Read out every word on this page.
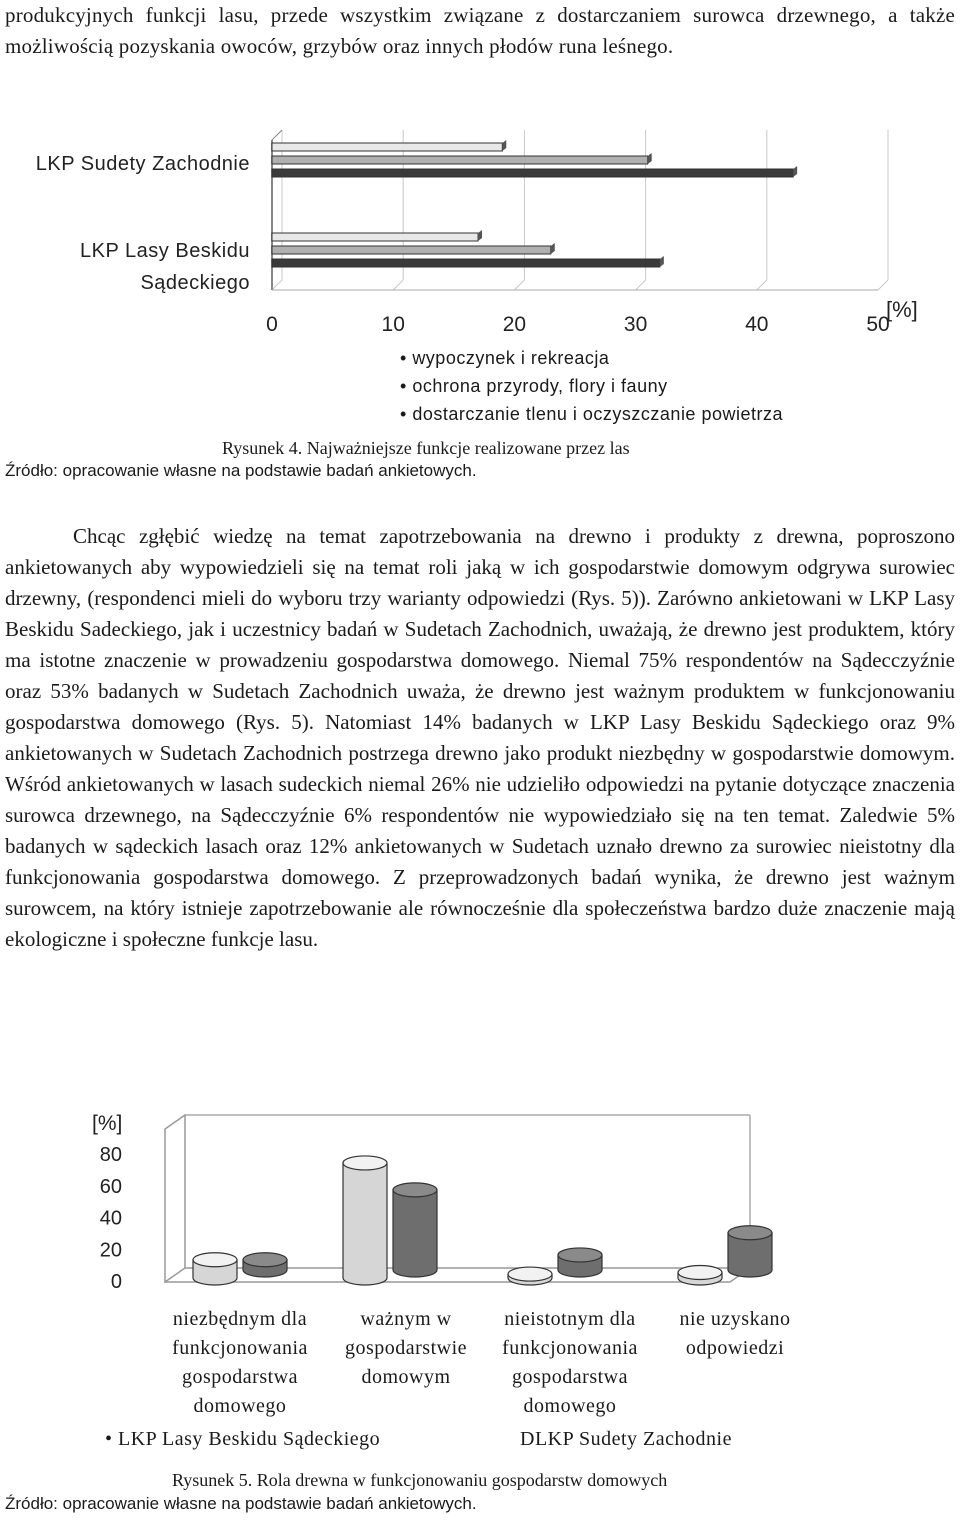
produkcyjnych funkcji lasu, przede wszystkim związane z dostarczaniem surowca drzewnego, a także możliwością pozyskania owoców, grzybów oraz innych płodów runa leśnego.

0	10	20	30	40	50
[%]
LKP Sudety Zachodnie
LKP Lasy Beskidu
Sądeckiego
• wypoczynek i rekreacja
• ochrona przyrody, flory i fauny
• dostarczanie tlenu i oczyszczanie powietrza
Rysunek 4. Najważniejsze funkcje realizowane przez las
Źródło: opracowanie własne na podstawie badań ankietowych.

Chcąc zgłębić wiedzę na temat zapotrzebowania na drewno i produkty z drewna, poproszono ankietowanych aby wypowiedzieli się na temat roli jaką w ich gospodarstwie domowym odgrywa surowiec drzewny, (respondenci mieli do wyboru trzy warianty odpowiedzi (Rys. 5)). Zarówno ankietowani w LKP Lasy Beskidu Sadeckiego, jak i uczestnicy badań w Sudetach Zachodnich, uważają, że drewno jest produktem, który ma istotne znaczenie w prowadzeniu gospodarstwa domowego. Niemal 75% respondentów na Sądecczyźnie oraz 53% badanych w Sudetach Zachodnich uważa, że drewno jest ważnym produktem w funkcjonowaniu gospodarstwa domowego (Rys. 5). Natomiast 14% badanych w LKP Lasy Beskidu Sądeckiego oraz 9% ankietowanych w Sudetach Zachodnich postrzega drewno jako produkt niezbędny w gospodarstwie domowym. Wśród ankietowanych w lasach sudeckich niemal 26% nie udzieliło odpowiedzi na pytanie dotyczące znaczenia surowca drzewnego, na Sądecczyźnie 6% respondentów nie wypowiedziało się na ten temat. Zaledwie 5% badanych w sądeckich lasach oraz 12% ankietowanych w Sudetach uznało drewno za surowiec nieistotny dla funkcjonowania gospodarstwa domowego. Z przeprowadzonych badań wynika, że drewno jest ważnym surowcem, na który istnieje zapotrzebowanie ale równocześnie dla społeczeństwa bardzo duże znaczenie mają ekologiczne i społeczne funkcje lasu.

[%]
0
20
40
60
80
niezbędnym dla funkcjonowania gospodarstwa domowego
ważnym w gospodarstwie domowym
nieistotnym dla funkcjonowania gospodarstwa domowego
nie uzyskano odpowiedzi
• LKP Lasy Beskidu Sądeckiego	DLKP Sudety Zachodnie
Rysunek 5. Rola drewna w funkcjonowaniu gospodarstw domowych
Źródło: opracowanie własne na podstawie badań ankietowych.
